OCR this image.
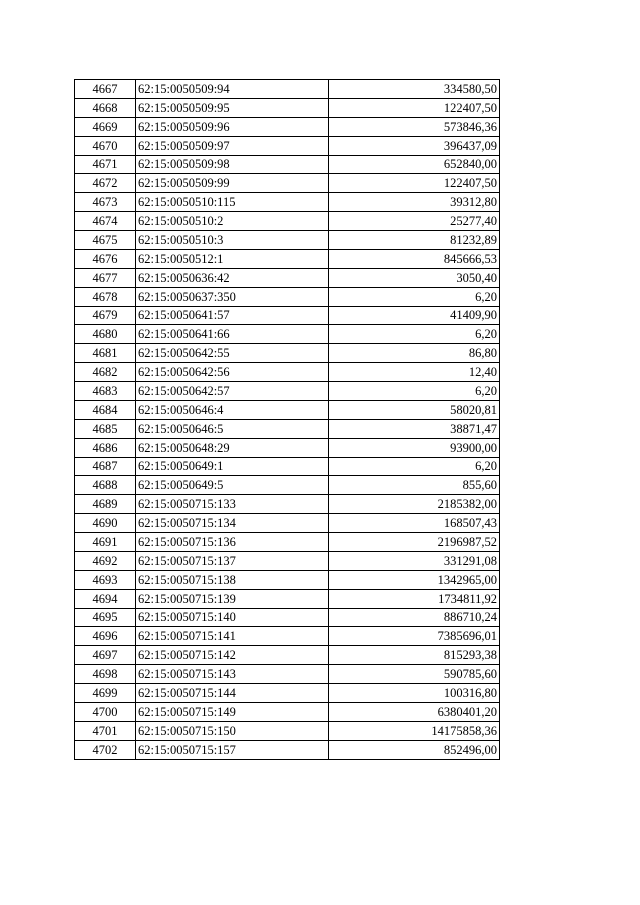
4667	62:15:0050509:94	334580,50
4668	62:15:0050509:95	122407,50
4669	62:15:0050509:96	573846,36
4670	62:15:0050509:97	396437,09
4671	62:15:0050509:98	652840,00
4672	62:15:0050509:99	122407,50
4673	62:15:0050510:115	39312,80
4674	62:15:0050510:2	25277,40
4675	62:15:0050510:3	81232,89
4676	62:15:0050512:1	845666,53
4677	62:15:0050636:42	3050,40
4678	62:15:0050637:350	6,20
4679	62:15:0050641:57	41409,90
4680	62:15:0050641:66	6,20
4681	62:15:0050642:55	86,80
4682	62:15:0050642:56	12,40
4683	62:15:0050642:57	6,20
4684	62:15:0050646:4	58020,81
4685	62:15:0050646:5	38871,47
4686	62:15:0050648:29	93900,00
4687	62:15:0050649:1	6,20
4688	62:15:0050649:5	855,60
4689	62:15:0050715:133	2185382,00
4690	62:15:0050715:134	168507,43
4691	62:15:0050715:136	2196987,52
4692	62:15:0050715:137	331291,08
4693	62:15:0050715:138	1342965,00
4694	62:15:0050715:139	1734811,92
4695	62:15:0050715:140	886710,24
4696	62:15:0050715:141	7385696,01
4697	62:15:0050715:142	815293,38
4698	62:15:0050715:143	590785,60
4699	62:15:0050715:144	100316,80
4700	62:15:0050715:149	6380401,20
4701	62:15:0050715:150	14175858,36
4702	62:15:0050715:157	852496,00
